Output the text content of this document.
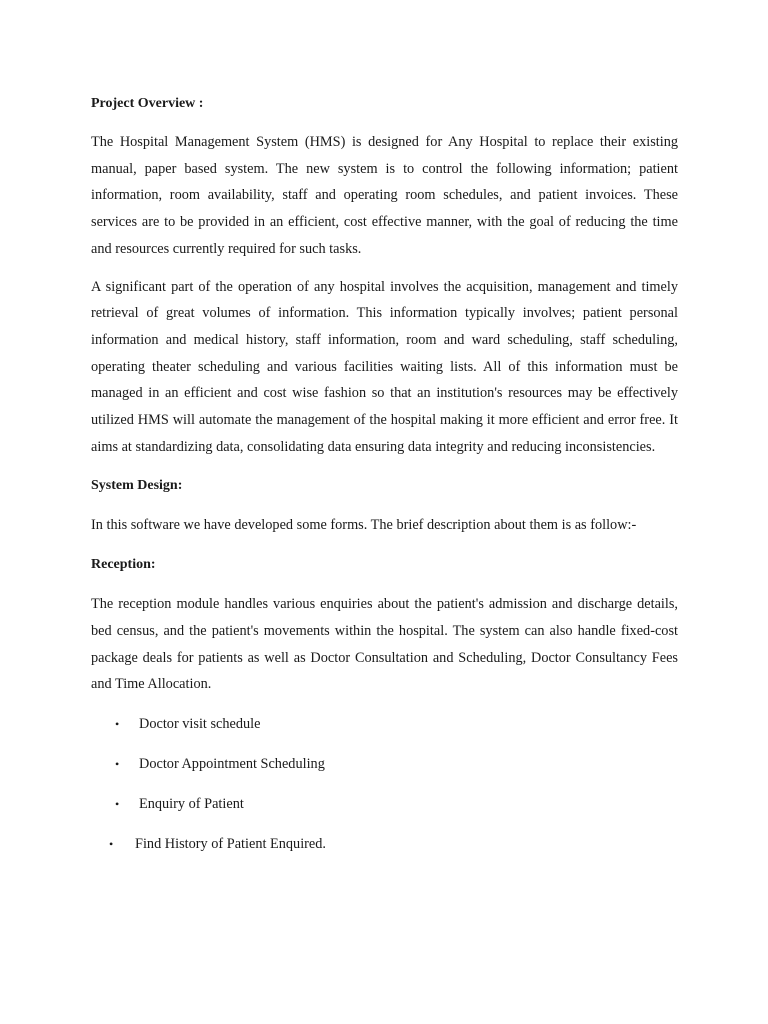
Project Overview :

The Hospital Management System (HMS) is designed for Any Hospital to replace their existing manual, paper based system. The new system is to control the following information; patient information, room availability, staff and operating room schedules, and patient invoices. These services are to be provided in an efficient, cost effective manner, with the goal of reducing the time and resources currently required for such tasks.

A significant part of the operation of any hospital involves the acquisition, management and timely retrieval of great volumes of information. This information typically involves; patient personal information and medical history, staff information, room and ward scheduling, staff scheduling, operating theater scheduling and various facilities waiting lists. All of this information must be managed in an efficient and cost wise fashion so that an institution's resources may be effectively utilized HMS will automate the management of the hospital making it more efficient and error free. It aims at standardizing data, consolidating data ensuring data integrity and reducing inconsistencies.

System Design:

In this software we have developed some forms. The brief description about them is as follow:-

Reception:

The reception module handles various enquiries about the patient's admission and discharge details, bed census, and the patient's movements within the hospital. The system can also handle fixed-cost package deals for patients as well as Doctor Consultation and Scheduling, Doctor Consultancy Fees and Time Allocation.

• Doctor visit schedule
• Doctor Appointment Scheduling
• Enquiry of Patient
• Find History of Patient Enquired.
